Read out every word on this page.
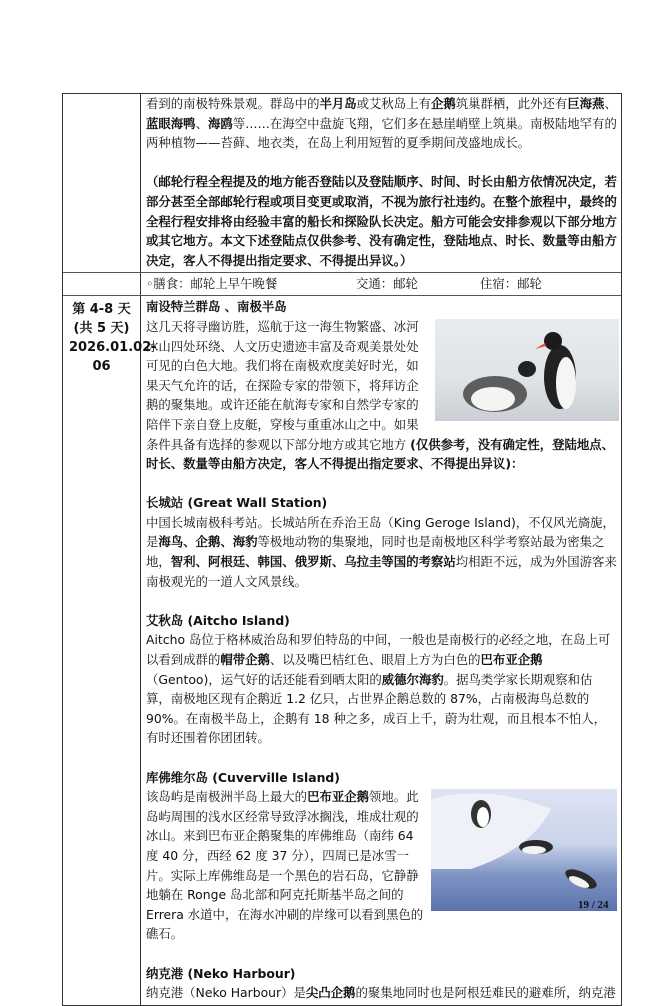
看到的南极特殊景观。群岛中的半月岛或艾秋岛上有企鹅筑巢群栖，此外还有巨海燕、蓝眼海鸭、海鸥等……在海空中盘旋飞翔，它们多在悬崖峭壁上筑巢。南极陆地罕有的两种植物——苔藓、地衣类，在岛上利用短暂的夏季期间茂盛地成长。

（邮轮行程全程提及的地方能否登陆以及登陆顺序、时间、时长由船方依情况决定，若部分甚至全部邮轮行程或项目变更或取消，不视为旅行社违约。在整个旅程中，最终的全程行程安排将由经验丰富的船长和探险队长决定。船方可能会安排参观以下部分地方或其它地方。本文下述登陆点仅供参考、没有确定性，登陆地点、时长、数量等由船方决定，客人不得提出指定要求、不得提出异议。）

◦膳食：邮轮上早午晚餐	交通：邮轮	住宿：邮轮
第 4-8 天
(共 5 天)
2026.01.02-06
南设特兰群岛 、南极半岛

这几天将寻幽访胜，巡航于这一海生物繁盛、冰河冰山四处环绕、人文历史遗迹丰富及奇观美景处处可见的白色大地。我们将在南极欢度美好时光，如果天气允许的话，在探险专家的带领下，将拜访企鹅的聚集地。或许还能在航海专家和自然学专家的陪伴下亲自登上皮艇，穿梭与重重冰山之中。如果条件具备有选择的参观以下部分地方或其它地方 (仅供参考，没有确定性，登陆地点、时长、数量等由船方决定，客人不得提出指定要求、不得提出异议)：

长城站 (Great Wall Station)

中国长城南极科考站。长城站所在乔治王岛（King Geroge Island)，不仅风光旖旎，是海鸟、企鹅、海豹等极地动物的集聚地，同时也是南极地区科学考察站最为密集之地，智利、阿根廷、韩国、俄罗斯、乌拉圭等国的考察站均相距不远，成为外国游客来南极观光的一道人文风景线。

艾秋岛 (Aitcho Island)

Aitcho 岛位于格林威治岛和罗伯特岛的中间，一般也是南极行的必经之地，在岛上可以看到成群的帽带企鹅、以及嘴巴桔红色、眼眉上方为白色的巴布亚企鹅（Gentoo)，运气好的话还能看到晒太阳的威德尔海豹。据鸟类学家长期观察和估算，南极地区现有企鹅近 1.2 亿只，占世界企鹅总数的 87%，占南极海鸟总数的 90%。在南极半岛上，企鹅有 18 种之多，成百上千，蔚为壮观，而且根本不怕人，有时还围着你团团转。

库佛维尔岛 (Cuverville Island)

该岛屿是南极洲半岛上最大的巴布亚企鹅领地。此岛屿周围的浅水区经常导致浮冰搁浅，堆成壮观的冰山。来到巴布亚企鹅聚集的库佛维岛（南纬 64 度 40 分，西经 62 度 37 分），四周已是冰雪一片。实际上库佛维岛是一个黑色的岩石岛，它静静地躺在 Ronge 岛北部和阿克托斯基半岛之间的 Errera 水道中，在海水冲刷的岸缘可以看到黑色的礁石。

纳克港 (Neko Harbour)

纳克港（Neko Harbour）是尖凸企鹅的聚集地同时也是阿根廷难民的避难所，纳克港

19 / 24
